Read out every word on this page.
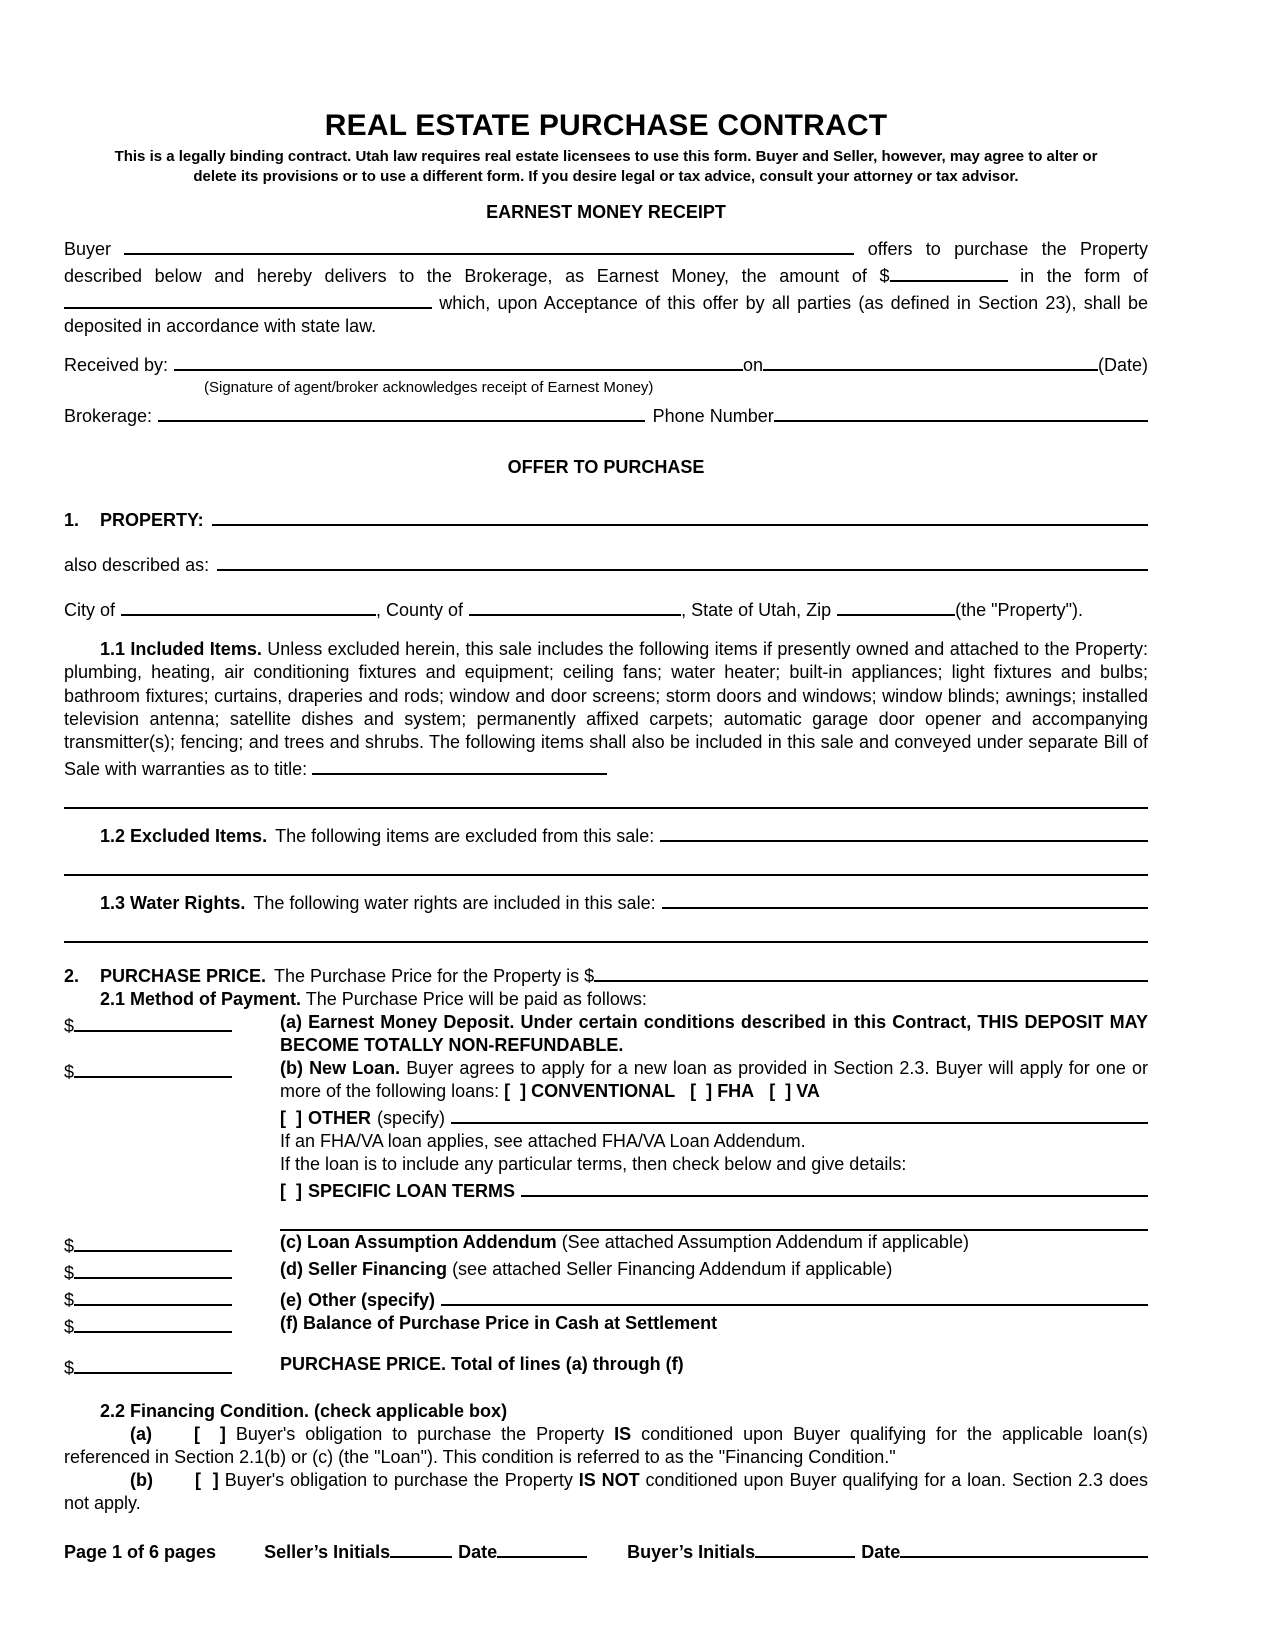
REAL ESTATE PURCHASE CONTRACT

This is a legally binding contract. Utah law requires real estate licensees to use this form. Buyer and Seller, however, may agree to alter or delete its provisions or to use a different form. If you desire legal or tax advice, consult your attorney or tax advisor.

EARNEST MONEY RECEIPT

Buyer	offers to purchase the Property described below and hereby delivers to the Brokerage, as Earnest Money, the amount of $	in the form of  which, upon Acceptance of this offer by all parties (as defined in Section 23), shall be deposited in accordance with state law.

Received by:	on	(Date)
(Signature of agent/broker acknowledges receipt of Earnest Money)
Brokerage:	Phone Number
OFFER TO PURCHASE
1.	PROPERTY:
also described as:
City of	, County of	, State of Utah, Zip	(the "Property").

1.1 Included Items. Unless excluded herein, this sale includes the following items if presently owned and attached to the Property: plumbing, heating, air conditioning fixtures and equipment; ceiling fans; water heater; built-in appliances; light fixtures and bulbs; bathroom fixtures; curtains, draperies and rods; window and door screens; storm doors and windows; window blinds; awnings; installed television antenna; satellite dishes and system; permanently affixed carpets; automatic garage door opener and accompanying transmitter(s); fencing; and trees and shrubs. The following items shall also be included in this sale and conveyed under separate Bill of Sale with warranties as to title:

1.2 Excluded Items. The following items are excluded from this sale:
1.3 Water Rights. The following water rights are included in this sale:
2.	PURCHASE PRICE. The Purchase Price for the Property is $

2.1 Method of Payment. The Purchase Price will be paid as follows:

$	(a) Earnest Money Deposit. Under certain conditions described in this Contract, THIS DEPOSIT MAY BECOME TOTALLY NON-REFUNDABLE.

$	(b) New Loan. Buyer agrees to apply for a new loan as provided in Section 2.3. Buyer will apply for one or more of the following loans: [  ] CONVENTIONAL [  ] FHA [  ] VA

[  ] OTHER (specify)

If an FHA/VA loan applies, see attached FHA/VA Loan Addendum.

If the loan is to include any particular terms, then check below and give details:

[  ] SPECIFIC LOAN TERMS
$	(c) Loan Assumption Addendum (See attached Assumption Addendum if applicable)

$	(d) Seller Financing (see attached Seller Financing Addendum if applicable)

$	(e) Other (specify)
$	(f) Balance of Purchase Price in Cash at Settlement

$	PURCHASE PRICE. Total of lines (a) through (f)

2.2 Financing Condition. (check applicable box)

(a) [  ] Buyer's obligation to purchase the Property IS conditioned upon Buyer qualifying for the applicable loan(s) referenced in Section 2.1(b) or (c) (the "Loan"). This condition is referred to as the "Financing Condition."

(b) [  ] Buyer's obligation to purchase the Property IS NOT conditioned upon Buyer qualifying for a loan. Section 2.3 does not apply.

Page 1 of 6 pages	Seller’s Initials	Date	Buyer’s Initials	Date
